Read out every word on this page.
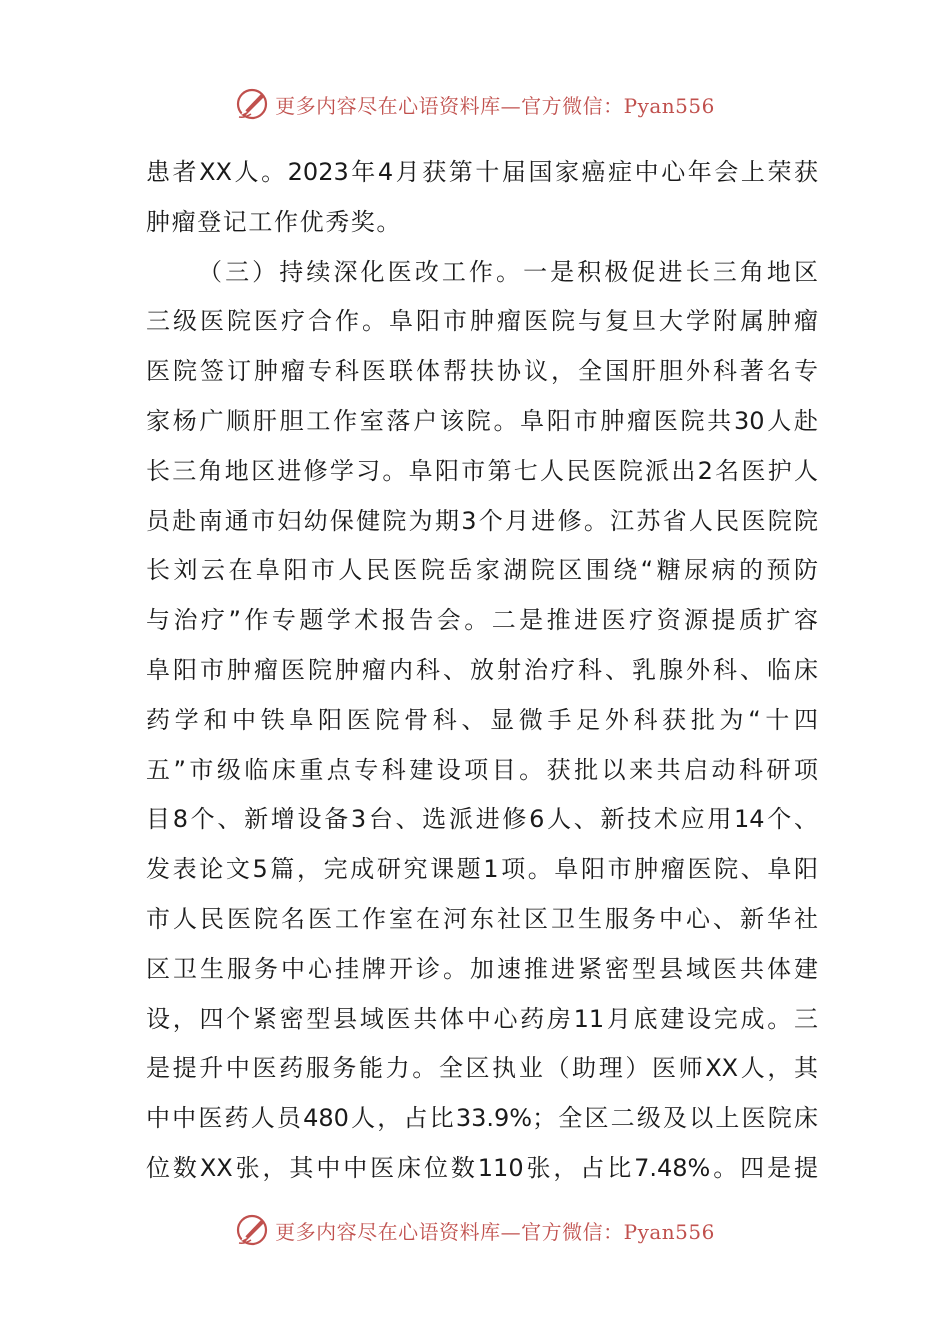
更多内容尽在心语资料库—官方微信：Pyan556
患者XX人。2023年4月获第十届国家癌症中心年会上荣获
肿瘤登记工作优秀奖。
（三）持续深化医改工作。一是积极促进长三角地区
三级医院医疗合作。阜阳市肿瘤医院与复旦大学附属肿瘤
医院签订肿瘤专科医联体帮扶协议，全国肝胆外科著名专
家杨广顺肝胆工作室落户该院。阜阳市肿瘤医院共30人赴
长三角地区进修学习。阜阳市第七人民医院派出2名医护人
员赴南通市妇幼保健院为期3个月进修。江苏省人民医院院
长刘云在阜阳市人民医院岳家湖院区围绕“糖尿病的预防
与治疗”作专题学术报告会。二是推进医疗资源提质扩容
阜阳市肿瘤医院肿瘤内科、放射治疗科、乳腺外科、临床
药学和中铁阜阳医院骨科、显微手足外科获批为“十四
五”市级临床重点专科建设项目。获批以来共启动科研项
目8个、新增设备3台、选派进修6人、新技术应用14个、
发表论文5篇，完成研究课题1项。阜阳市肿瘤医院、阜阳
市人民医院名医工作室在河东社区卫生服务中心、新华社
区卫生服务中心挂牌开诊。加速推进紧密型县域医共体建
设，四个紧密型县域医共体中心药房11月底建设完成。三
是提升中医药服务能力。全区执业（助理）医师XX人，其
中中医药人员480人，占比33.9%；全区二级及以上医院床
位数XX张，其中中医床位数110张，占比7.48%。四是提
更多内容尽在心语资料库—官方微信：Pyan556
